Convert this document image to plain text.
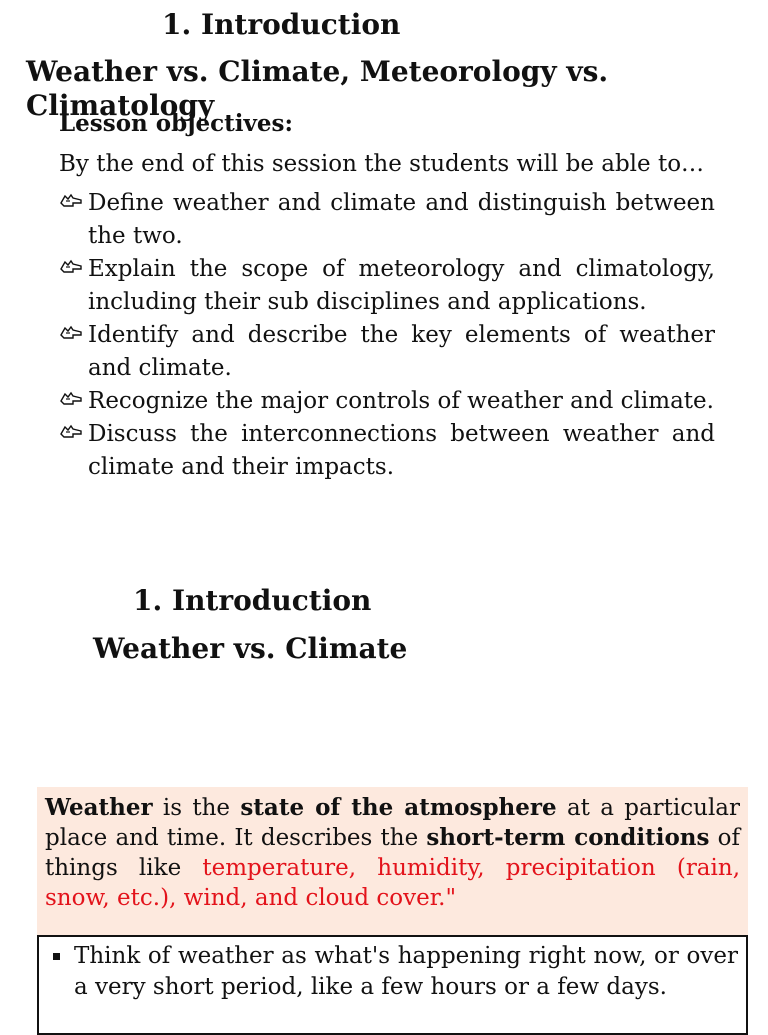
1. Introduction
Weather vs. Climate, Meteorology vs. Climatology
Lesson objectives:
By the end of this session the students will be able to…
Define weather and climate and distinguish between the two.
Explain the scope of meteorology and climatology, including their sub disciplines and applications.
Identify and describe the key elements of weather and climate.
Recognize the major controls of weather and climate.
Discuss the interconnections between weather and climate and their impacts.
1. Introduction
Weather vs. Climate
Weather is the state of the atmosphere at a particular place and time. It describes the short-term conditions of things like temperature, humidity, precipitation (rain, snow, etc.), wind, and cloud cover."
Think of weather as what's happening right now, or over a very short period, like a few hours or a few days.
